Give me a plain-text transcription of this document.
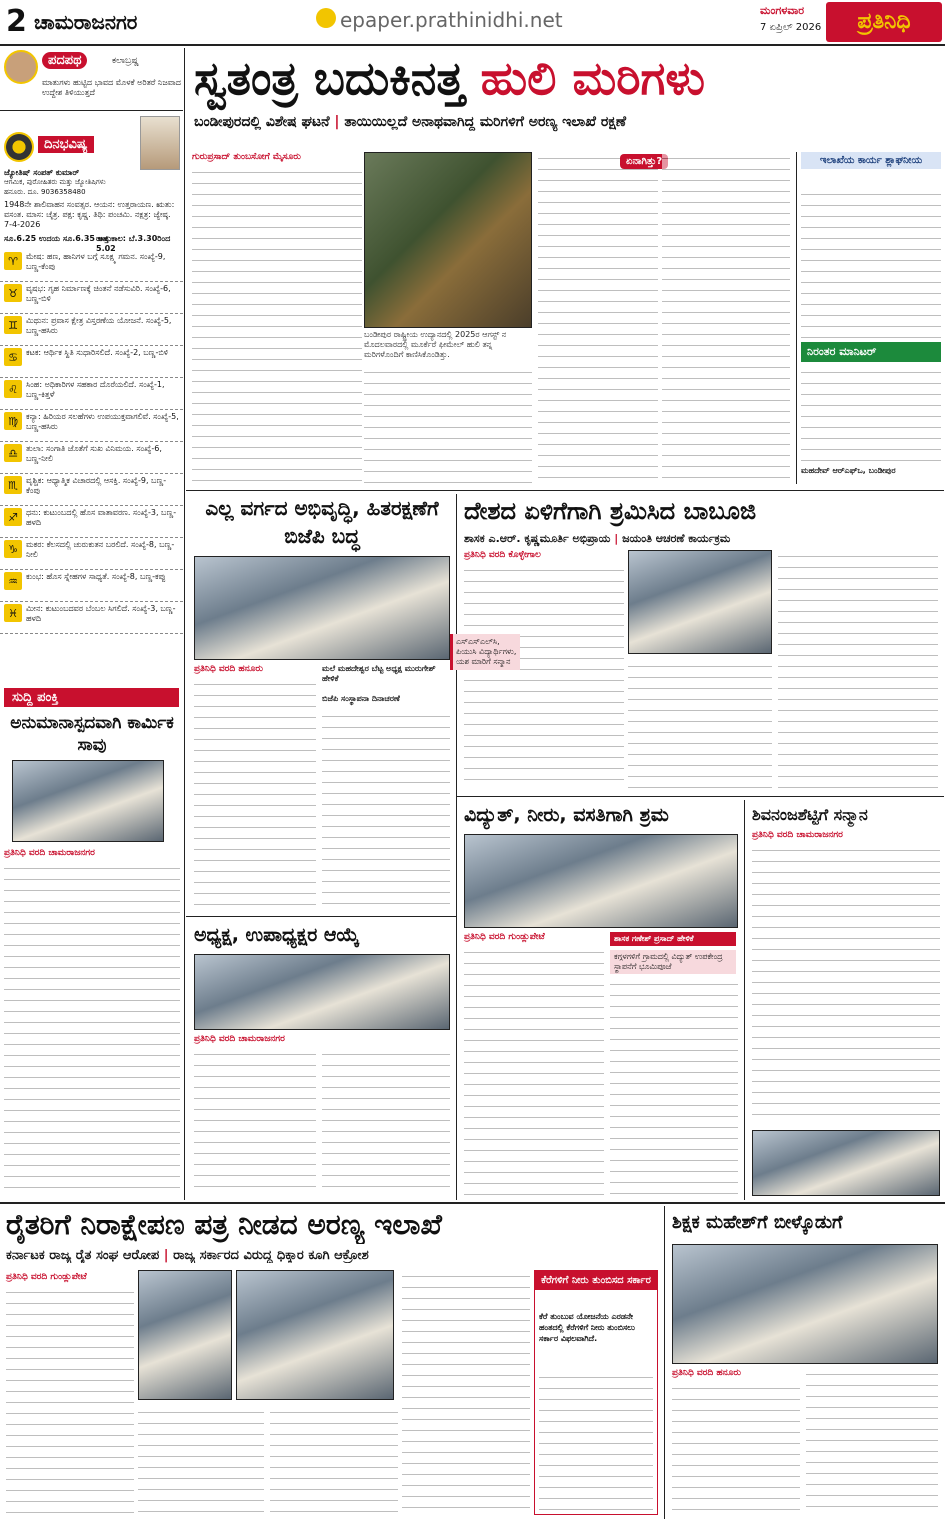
2 ಚಾಮರಾಜನಗರ	epaper.prathinidhi.net	ಮಂಗಳವಾರ
7 ಏಪ್ರಿಲ್ 2026	ಪ್ರತಿನಿಧಿ
ಪದಪಥ	ಕಲಾಬ್ರಷ್ಣ
ಮಾತುಗಳು ಹುಟ್ಟಿದ ಭಾವದ ಮೊಳಕೆ ಅರಿತರೆ ನಿಜವಾದ ಉದ್ದೇಶ ತಿಳಿಯುತ್ತದೆ
ದಿನಭವಿಷ್ಯ
ಜ್ಯೋತಿಷ್ ಸಂಪತ್ ಕುಮಾರ್
ಆಗಮಿಕ, ಪುರೋಹಿತರು ಮತ್ತು ಜ್ಯೋತಿಷಿಗಳು
ಹನೂರು. ದೂ. 9036358480
1948ನೇ ಶಾಲಿವಾಹನ ಸಂವತ್ಸರ. ಆಯನ: ಉತ್ತರಾಯಣ. ಋತು: ವಸಂತ. ಮಾಸ: ಚೈತ್ರ. ಪಕ್ಷ: ಕೃಷ್ಣ. ತಿಥಿ: ಪಂಚಮಿ. ನಕ್ಷತ್ರ: ಜ್ಯೇಷ್ಠ. 7-4-2026
ಸೂ.6.25 ಉದಯ ಸೂ.6.35 ಅಸ್ತ
ರಾಹುಕಾಲ: ಬೆ.3.30ರಿಂದ 5.02
♈	ಮೇಷ: ಹಣ, ಹಾನಿಗಳ ಬಗ್ಗೆ ಸೂಕ್ಷ್ಮ ಗಮನ. ಸಂಖ್ಯೆ-9, ಬಣ್ಣ-ಕೆಂಪು
♉	ವೃಷಭ: ಗೃಹ ನಿರ್ಮಾಣಕ್ಕೆ ಚಿಂತನೆ ನಡೆಸುವಿರಿ. ಸಂಖ್ಯೆ-6, ಬಣ್ಣ-ಬಿಳಿ
♊	ಮಿಥುನ: ಪ್ರವಾಸ ಕ್ಷೇತ್ರ ವಿಸ್ತರಣೆಯ ಯೋಜನೆ. ಸಂಖ್ಯೆ-5, ಬಣ್ಣ-ಹಸಿರು
♋	ಕಟಕ: ಆರ್ಥಿಕ ಸ್ಥಿತಿ ಸುಧಾರಿಸಲಿದೆ. ಸಂಖ್ಯೆ-2, ಬಣ್ಣ-ಬಿಳಿ
♌	ಸಿಂಹ: ಅಧಿಕಾರಿಗಳ ಸಹಕಾರ ದೊರೆಯಲಿದೆ. ಸಂಖ್ಯೆ-1, ಬಣ್ಣ-ಕಿತ್ತಳೆ
♍	ಕನ್ಯಾ: ಹಿರಿಯರ ಸಲಹೆಗಳು ಉಪಯುಕ್ತವಾಗಲಿವೆ. ಸಂಖ್ಯೆ-5, ಬಣ್ಣ-ಹಸಿರು
♎	ತುಲಾ: ಸಂಗಾತಿ ಜೊತೆಗೆ ಸುಖ ವಿನಿಮಯ. ಸಂಖ್ಯೆ-6, ಬಣ್ಣ-ನೀಲಿ
♏	ವೃಶ್ಚಿಕ: ಆಧ್ಯಾತ್ಮಿಕ ವಿಚಾರದಲ್ಲಿ ಆಸಕ್ತಿ. ಸಂಖ್ಯೆ-9, ಬಣ್ಣ-ಕೆಂಪು
♐	ಧನು: ಕುಟುಂಬದಲ್ಲಿ ಹೊಸ ವಾತಾವರಣ. ಸಂಖ್ಯೆ-3, ಬಣ್ಣ-ಹಳದಿ
♑	ಮಕರ: ಕೆಲಸದಲ್ಲಿ ಚುರುಕುತನ ಬರಲಿದೆ. ಸಂಖ್ಯೆ-8, ಬಣ್ಣ-ನೀಲಿ
♒	ಕುಂಭ: ಹೊಸ ಸ್ನೇಹಗಳ ಸಾಧ್ಯತೆ. ಸಂಖ್ಯೆ-8, ಬಣ್ಣ-ಕಪ್ಪು
♓	ಮೀನ: ಕುಟುಂಬದವರ ಬೆಂಬಲ ಸಿಗಲಿದೆ. ಸಂಖ್ಯೆ-3, ಬಣ್ಣ-ಹಳದಿ
ಸುದ್ದಿ ಪಂಕ್ತಿ
ಅನುಮಾನಾಸ್ಪದವಾಗಿ ಕಾರ್ಮಿಕ ಸಾವು
ಪ್ರತಿನಿಧಿ ವರದಿ ಚಾಮರಾಜನಗರ
ಸ್ವತಂತ್ರ ಬದುಕಿನತ್ತ ಹುಲಿ ಮರಿಗಳು
ಬಂಡೀಪುರದಲ್ಲಿ ವಿಶೇಷ ಘಟನೆ | ತಾಯಿಯಿಲ್ಲದೆ ಅನಾಥವಾಗಿದ್ದ ಮರಿಗಳಿಗೆ ಅರಣ್ಯ ಇಲಾಖೆ ರಕ್ಷಣೆ
ಗುರುಪ್ರಸಾದ್ ತುಂಬಸೋಗೆ ಮೈಸೂರು
ಬಂಡೀಪುರ ರಾಷ್ಟ್ರೀಯ ಉದ್ಯಾನದಲ್ಲಿ 2025ರ ಆಗಸ್ಟ್ ನ ಮೊದಲವಾರದಲ್ಲಿ ಮೂರ್ಕೆರೆ ಫೀಮೇಲ್ ಹುಲಿ ತನ್ನ ಮರಿಗಳೊಂದಿಗೆ ಕಾಣಿಸಿಕೊಂಡಿತ್ತು.
ಏನಾಗಿತ್ತು?	ಇಲಾಖೆಯ ಕಾರ್ಯ ಶ್ಲಾಘನೀಯ
ನಿರಂತರ ಮಾನಿಟರ್
ಮಹದೇವ್ ಆರ್‌ಎಫ್‌ಒ, ಬಂಡೀಪುರ
ಎಲ್ಲ ವರ್ಗದ ಅಭಿವೃದ್ಧಿ, ಹಿತರಕ್ಷಣೆಗೆ ಬಿಜೆಪಿ ಬದ್ಧ
ಪ್ರತಿನಿಧಿ ವರದಿ ಹನೂರು	ಮಲೆ ಮಹದೇಶ್ವರ ಬೆಟ್ಟ ಅಧ್ಯಕ್ಷ ಮುರುಗೇಶ್ ಹೇಳಿಕೆ
ಬಿಜೆಪಿ ಸಂಸ್ಥಾಪನಾ ದಿನಾಚರಣೆ
ದೇಶದ ಏಳಿಗೆಗಾಗಿ ಶ್ರಮಿಸಿದ ಬಾಬೂಜಿ
ಶಾಸಕ ಎ.ಆರ್. ಕೃಷ್ಣಮೂರ್ತಿ ಅಭಿಪ್ರಾಯ | ಜಯಂತಿ ಆಚರಣೆ ಕಾರ್ಯಕ್ರಮ
ಪ್ರತಿನಿಧಿ ವರದಿ ಕೊಳ್ಳೇಗಾಲ
ಎಸ್‌ಎಸ್‌ಎಲ್‌ಸಿ, ಪಿಯುಸಿ ವಿದ್ಯಾರ್ಥಿಗಳು, ಯಶ ಮಾರಿಗೆ ಸನ್ಮಾನ
ವಿದ್ಯುತ್, ನೀರು, ವಸತಿಗಾಗಿ ಶ್ರಮ
ಪ್ರತಿನಿಧಿ ವರದಿ ಗುಂಡ್ಲುಪೇಟೆ	ಶಾಸಕ ಗಣೇಶ್ ಪ್ರಸಾದ್ ಹೇಳಿಕೆ
ಕಗ್ಗಳಗಳಿಗೆ ಗ್ರಾಮದಲ್ಲಿ ವಿದ್ಯುತ್ ಉಪಕೇಂದ್ರ ಸ್ಥಾಪನೆಗೆ ಭೂಮಿಪೂಜೆ
ಶಿವನಂಜಶೆಟ್ಟಿಗೆ ಸನ್ಮಾನ
ಪ್ರತಿನಿಧಿ ವರದಿ ಚಾಮರಾಜನಗರ
ಅಧ್ಯಕ್ಷ, ಉಪಾಧ್ಯಕ್ಷರ ಆಯ್ಕೆ
ಪ್ರತಿನಿಧಿ ವರದಿ ಚಾಮರಾಜನಗರ
ರೈತರಿಗೆ ನಿರಾಕ್ಷೇಪಣ ಪತ್ರ ನೀಡದ ಅರಣ್ಯ ಇಲಾಖೆ
ಕರ್ನಾಟಕ ರಾಜ್ಯ ರೈತ ಸಂಘ ಆರೋಪ | ರಾಜ್ಯ ಸರ್ಕಾರದ ವಿರುದ್ಧ ಧಿಕ್ಕಾರ ಕೂಗಿ ಆಕ್ರೋಶ
ಪ್ರತಿನಿಧಿ ವರದಿ ಗುಂಡ್ಲುಪೇಟೆ	ಕೆರೆಗಳಿಗೆ ನೀರು ತುಂಬಿಸದ ಸರ್ಕಾರ
ಕೆರೆ ತುಂಬುವ ಯೋಜನೆಯ ಎರಡನೇ ಹಂತದಲ್ಲಿ ಕೆರೆಗಳಿಗೆ ನೀರು ತುಂಬಿಸಲು ಸರ್ಕಾರ ವಿಫಲವಾಗಿದೆ.
ಶಿಕ್ಷಕ ಮಹೇಶ್‌ಗೆ ಬೀಳ್ಕೊಡುಗೆ
ಪ್ರತಿನಿಧಿ ವರದಿ ಹನೂರು
